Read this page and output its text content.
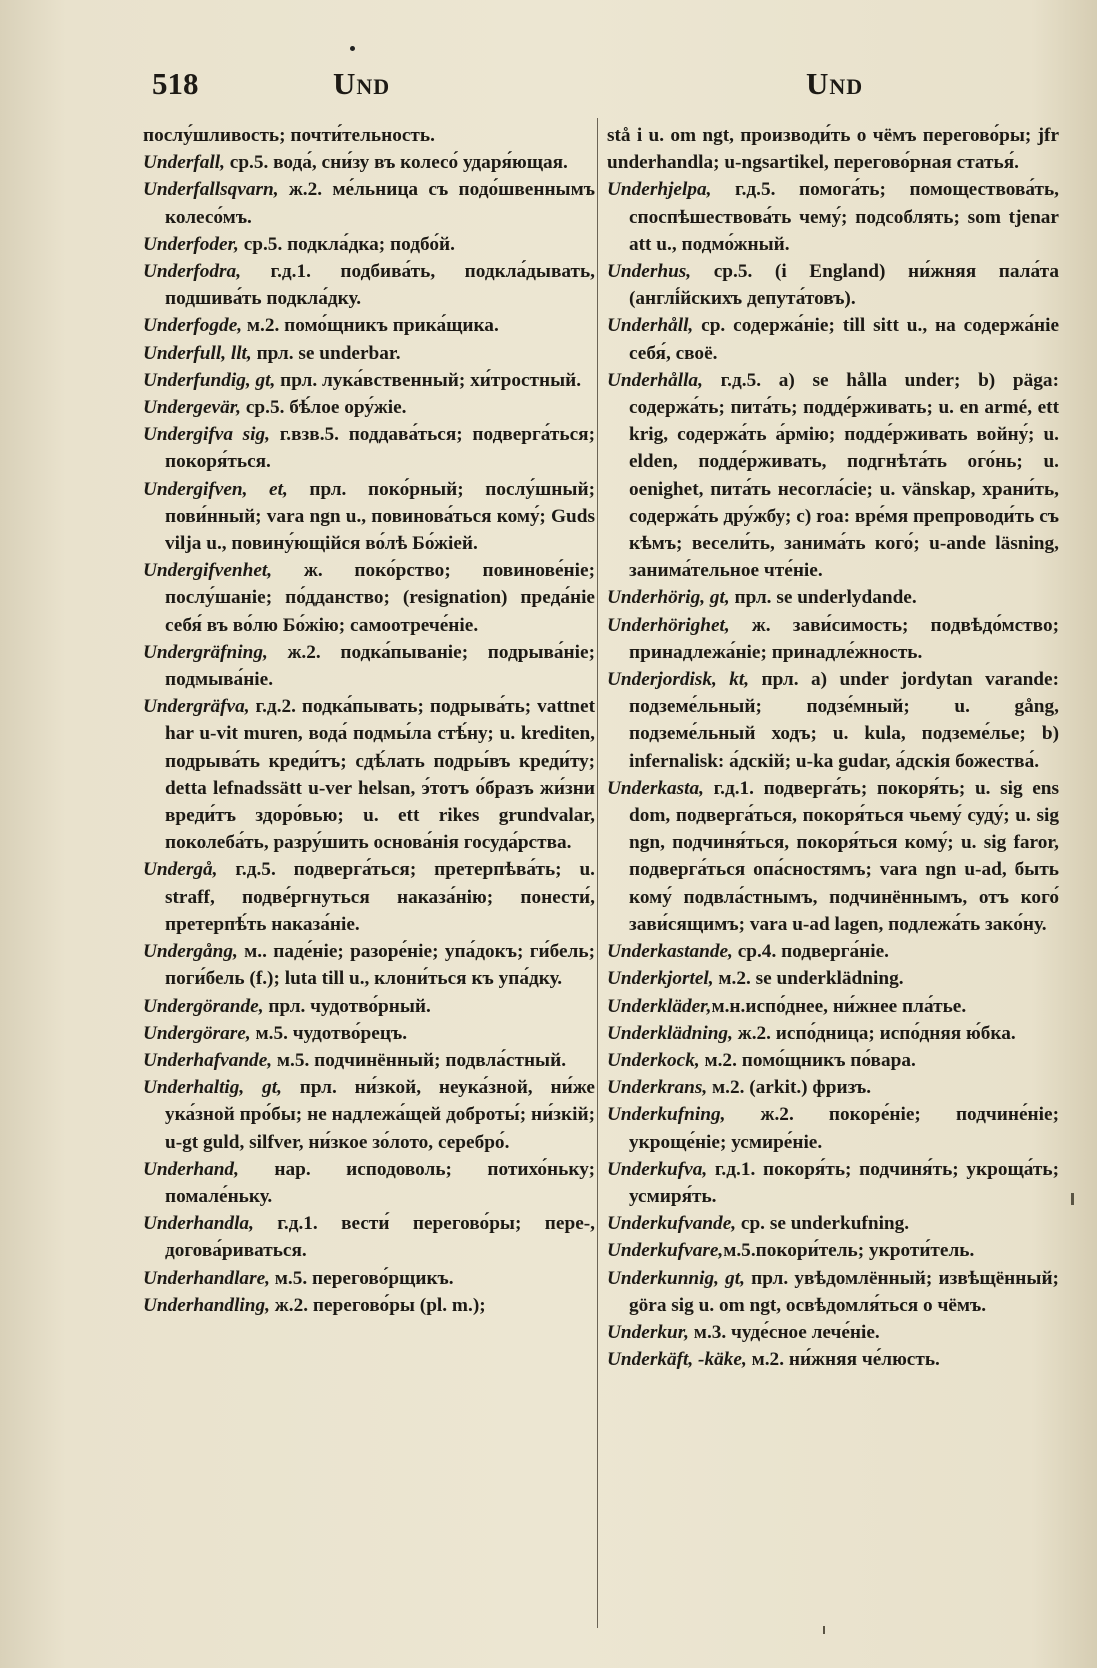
518	Und	Und

послу́шливость; почти́тельность.

Underfall, ср.5. вода́, сни́зу въ колесо́ ударя́ющая.

Underfallsqvarn, ж.2. ме́льница съ подо́швеннымъ колесо́мъ.

Underfoder, ср.5. подкла́дка; подбо́й.

Underfodra, г.д.1. подбива́ть, подкла́дывать, подшива́ть подкла́дку.

Underfogde, м.2. помо́щникъ прика́щика.

Underfull, llt, прл. se underbar.

Underfundig, gt, прл. лука́вственный; хи́тростный.

Undergevär, ср.5. бѣ́лое ору́жіе.

Undergifva sig, г.взв.5. поддава́ться; подверга́ться; покоря́ться.

Undergifven, et, прл. поко́рный; послу́шный; пови́нный; vara ngn u., повинова́ться кому́; Guds vilja u., повину́ющійся во́лѣ Бо́жіей.

Undergifvenhet, ж. поко́рство; повинове́ніе; послу́шаніе; по́дданство; (resignation) преда́ніе себя́ въ во́лю Бо́жію; самоотрече́ніе.

Undergräfning, ж.2. подка́пываніе; подрыва́ніе; подмыва́ніе.

Undergräfva, г.д.2. подка́пывать; подрыва́ть; vattnet har u-vit muren, вода́ подмы́ла стѣ́ну; u. krediten, подрыва́ть креди́тъ; сдѣ́лать подры́въ креди́ту; detta lefnadssätt u-ver helsan, э́тотъ о́бразъ жи́зни вреди́тъ здоро́вью; u. ett rikes grundvalar, поколеба́ть, разру́шить основа́нія госуда́рства.

Undergå, г.д.5. подверга́ться; претерпѣва́ть; u. straff, подве́ргнуться наказа́нію; понести́, претерпѣ́ть наказа́ніе.

Undergång, м.. паде́ніе; разоре́ніе; упа́докъ; ги́бель; поги́бель (f.); luta till u., клони́ться къ упа́дку.

Undergörande, прл. чудотво́рный.

Undergörare, м.5. чудотво́рецъ.

Underhafvande, м.5. подчинённый; подвла́стный.

Underhaltig, gt, прл. ни́зкой, неука́зной, ни́же ука́зной про́бы; не надлежа́щей доброты́; ни́зкій; u-gt guld, silfver, ни́зкое зо́лото, серебро́.

Underhand, нар. исподоволь; потихо́ньку; помале́ньку.

Underhandla, г.д.1. вести́ перегово́ры; пере-, догова́риваться.

Underhandlare, м.5. перегово́рщикъ.

Underhandling, ж.2. перегово́ры (pl. m.);

stå i u. om ngt, производи́ть о чёмъ перегово́ры; jfr underhandla; u-ngsartikel, перегово́рная статья́.

Underhjelpa, г.д.5. помога́ть; помоществова́ть, споспѣшествова́ть чему́; подсоблять; som tjenar att u., подмо́жный.

Underhus, ср.5. (i England) ни́жняя пала́та (англі́йскихъ депута́товъ).

Underhåll, ср. содержа́ніе; till sitt u., на содержа́ніе себя́, своё.

Underhålla, г.д.5. a) se hålla under; b) päga: содержа́ть; пита́ть; подде́рживать; u. en armé, ett krig, содержа́ть а́рмію; подде́рживать войну́; u. elden, подде́рживать, подгнѣта́ть ого́нь; u. oenighet, пита́ть несогла́сіе; u. vänskap, храни́ть, содержа́ть дру́жбу; c) roa: вре́мя препроводи́ть съ кѣмъ; весели́ть, занима́ть кого́; u-ande läsning, занима́тельное чте́ніе.

Underhörig, gt, прл. se underlydande.

Underhörighet, ж. зави́симость; подвѣдо́мство; принадлежа́ніе; принадле́жность.

Underjordisk, kt, прл. a) under jordytan varande: подземе́льный; подзе́мный; u. gång, подземе́льный ходъ; u. kula, подземе́лье; b) infernalisk: а́дскій; u-ka gudar, а́дскія божества́.

Underkasta, г.д.1. подверга́ть; покоря́ть; u. sig ens dom, подверга́ться, покоря́ться чьему́ суду́; u. sig ngn, подчиня́ться, покоря́ться кому́; u. sig faror, подверга́ться опа́сностямъ; vara ngn u-ad, быть кому́ подвла́стнымъ, подчинённымъ, отъ кого́ зави́сящимъ; vara u-ad lagen, подлежа́ть зако́ну.

Underkastande, ср.4. подверга́ніе.

Underkjortel, м.2. se underklädning.

Underkläder,м.н.испо́днее, ни́жнее пла́тье.

Underklädning, ж.2. испо́дница; испо́дняя ю́бка.

Underkock, м.2. помо́щникъ по́вара.

Underkrans, м.2. (arkit.) фризъ.

Underkufning, ж.2. покоре́ніе; подчине́ніе; укроще́ніе; усмире́ніе.

Underkufva, г.д.1. покоря́ть; подчиня́ть; укроща́ть; усмиря́ть.

Underkufvande, ср. se underkufning.

Underkufvare,м.5.покори́тель; укроти́тель.

Underkunnig, gt, прл. увѣдомлённый; извѣщённый; göra sig u. om ngt, освѣдомля́ться о чёмъ.

Underkur, м.3. чуде́сное лече́ніе.

Underkäft, -käke, м.2. ни́жняя че́люсть.
